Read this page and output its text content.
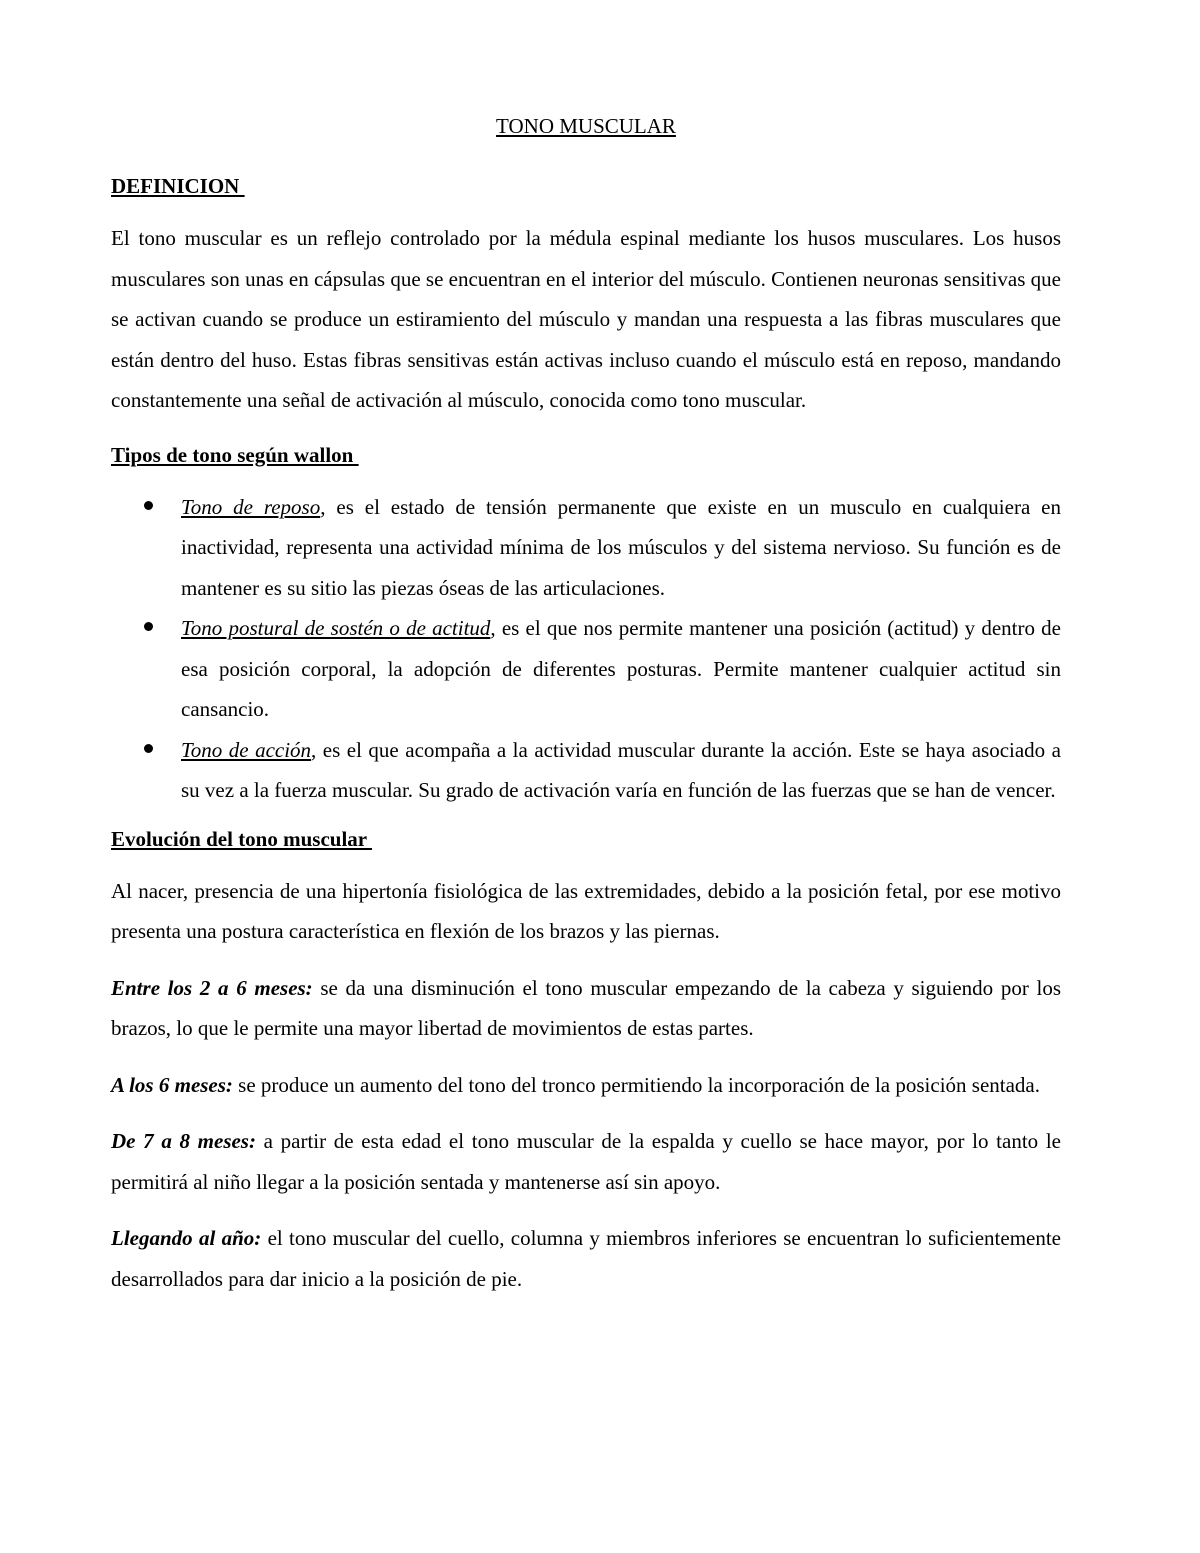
TONO MUSCULAR
DEFINICION

El tono muscular es un reflejo controlado por la médula espinal mediante los husos musculares. Los husos musculares son unas en cápsulas que se encuentran en el interior del músculo. Contienen neuronas sensitivas que se activan cuando se produce un estiramiento del músculo y mandan una respuesta a las fibras musculares que están dentro del huso. Estas fibras sensitivas están activas incluso cuando el músculo está en reposo, mandando constantemente una señal de activación al músculo, conocida como tono muscular.

Tipos de tono según wallon
Tono de reposo, es el estado de tensión permanente que existe en un musculo en cualquiera en inactividad, representa una actividad mínima de los músculos y del sistema nervioso. Su función es de mantener es su sitio las piezas óseas de las articulaciones.
Tono postural de sostén o de actitud, es el que nos permite mantener una posición (actitud) y dentro de esa posición corporal, la adopción de diferentes posturas. Permite mantener cualquier actitud sin cansancio.
Tono de acción, es el que acompaña a la actividad muscular durante la acción. Este se haya asociado a su vez a la fuerza muscular. Su grado de activación varía en función de las fuerzas que se han de vencer.
Evolución del tono muscular

Al nacer, presencia de una hipertonía fisiológica de las extremidades, debido a la posición fetal, por ese motivo presenta una postura característica en flexión de los brazos y las piernas.

Entre los 2 a 6 meses: se da una disminución el tono muscular empezando de la cabeza y siguiendo por los brazos, lo que le permite una mayor libertad de movimientos de estas partes.

A los 6 meses: se produce un aumento del tono del tronco permitiendo la incorporación de la posición sentada.

De 7 a 8 meses: a partir de esta edad el tono muscular de la espalda y cuello se hace mayor, por lo tanto le permitirá al niño llegar a la posición sentada y mantenerse así sin apoyo.

Llegando al año: el tono muscular del cuello, columna y miembros inferiores se encuentran lo suficientemente desarrollados para dar inicio a la posición de pie.
